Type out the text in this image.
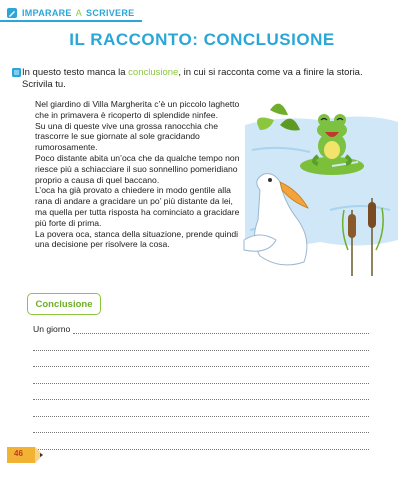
IMPARARE A SCRIVERE
IL RACCONTO: CONCLUSIONE
In questo testo manca la conclusione, in cui si racconta come va a finire la storia. Scrivila tu.

Nel giardino di Villa Margherita c’è un piccolo laghetto che in primavera è ricoperto di splendide ninfee.

Su una di queste vive una grossa ranocchia che trascorre le sue giornate al sole gracidando rumorosamente.

Poco distante abita un’oca che da qualche tempo non riesce più a schiacciare il suo sonnellino pomeridiano proprio a causa di quel baccano.

L’oca ha già provato a chiedere in modo gentile alla rana di andare a gracidare un po’ più distante da lei, ma quella per tutta risposta ha cominciato a gracidare più forte di prima.

La povera oca, stanca della situazione, prende quindi una decisione per risolvere la cosa.

Conclusione
Un giorno
46
